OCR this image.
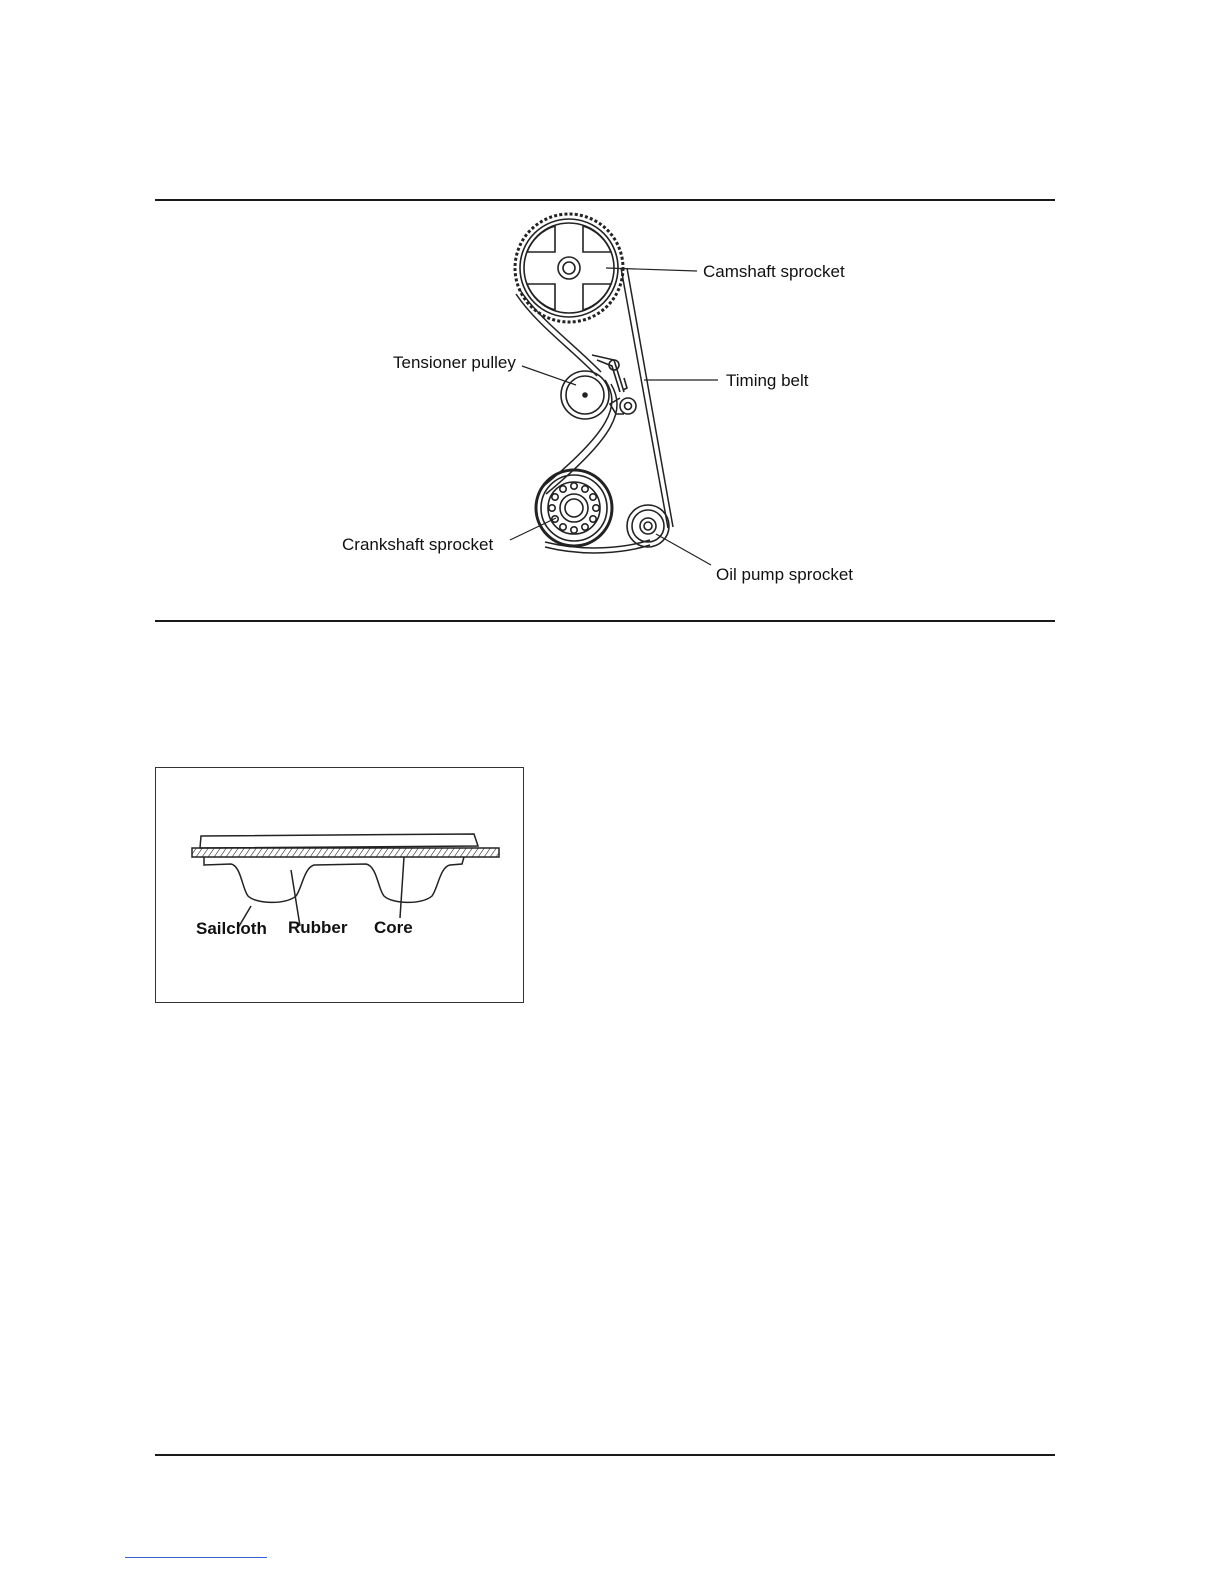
Camshaft sprocket
Tensioner pulley
Timing belt
Crankshaft sprocket
Oil pump sprocket
Sailcloth Rubber Core
